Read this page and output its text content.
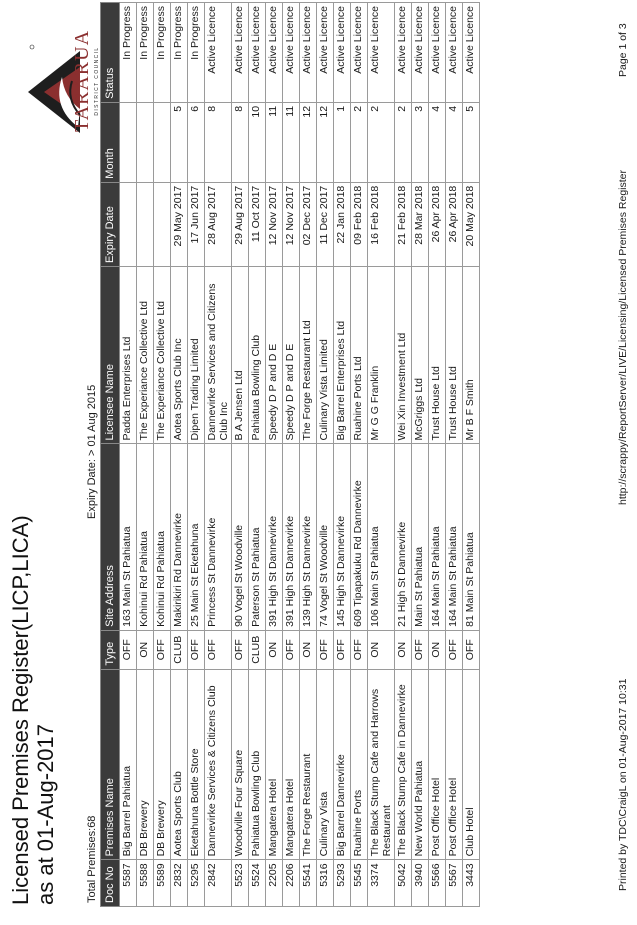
Licensed Premises Register(LICP,LICA) as at 01-Aug-2017	Total Premises:68
Expiry Date: > 01 Aug 2015
TARARUA DISTRICT COUNCIL
Doc No	Premises Name	Type	Site Address	Licensee Name	Expiry Date	Month	Status
5587	Big Barrel Pahiatua	OFF	163 Main St Pahiatua	Padda Enterprises Ltd			In Progress
5588	DB Brewery	ON	Kohinui Rd Pahiatua	The Experiance Collective Ltd			In Progress
5589	DB Brewery	OFF	Kohinui Rd Pahiatua	The Experiance Collective Ltd			In Progress
2832	Aotea Sports Club	CLUB	Makirikiri Rd Dannevirke	Aotea Sports Club Inc	29 May 2017	5	In Progress
5295	Eketahuna Bottle Store	OFF	25 Main St Eketahuna	Dipen Trading Limited	17 Jun 2017	6	In Progress
2842	Dannevirke Services & Citizens Club	OFF	Princess St Dannevirke	Dannevirke Services and Citizens Club Inc	28 Aug 2017	8	Active Licence
5523	Woodville Four Square	OFF	90 Vogel St Woodville	B A Jensen Ltd	29 Aug 2017	8	Active Licence
5524	Pahiatua Bowling Club	CLUB	Paterson St Pahiatua	Pahiatua Bowling Club	11 Oct 2017	10	Active Licence
2205	Mangatera Hotel	ON	391 High St Dannevirke	Speedy D P and D E	12 Nov 2017	11	Active Licence
2206	Mangatera Hotel	OFF	391 High St Dannevirke	Speedy D P and D E	12 Nov 2017	11	Active Licence
5541	The Forge Restaurant	ON	139 High St Dannevirke	The Forge Restaurant Ltd	02 Dec 2017	12	Active Licence
5316	Culinary Vista	OFF	74 Vogel St Woodville	Culinary Vista Limited	11 Dec 2017	12	Active Licence
5293	Big Barrel Dannevirke	OFF	145 High St Dannevirke	Big Barrel Enterprises Ltd	22 Jan 2018	1	Active Licence
5545	Ruahine Ports	OFF	609 Tipapakuku Rd Dannevirke	Ruahine Ports Ltd	09 Feb 2018	2	Active Licence
3374	The Black Stump Cafe and Harrows Restaurant	ON	106 Main St Pahiatua	Mr G G Franklin	16 Feb 2018	2	Active Licence
5042	The Black Stump Cafe in Dannevirke	ON	21 High St Dannevirke	Wei Xin Investment Ltd	21 Feb 2018	2	Active Licence
3940	New World Pahiatua	OFF	Main St Pahiatua	McGriggs Ltd	28 Mar 2018	3	Active Licence
5566	Post Office Hotel	ON	164 Main St Pahiatua	Trust House Ltd	26 Apr 2018	4	Active Licence
5567	Post Office Hotel	OFF	164 Main St Pahiatua	Trust House Ltd	26 Apr 2018	4	Active Licence
3443	Club Hotel	OFF	81 Main St Pahiatua	Mr B F Smith	20 May 2018	5	Active Licence
Printed by TDC\CraigL on 01-Aug-2017 10:31
http://scrappy/ReportServer/LIVE/Licensing/Licensed Premises Register
Page 1 of 3
